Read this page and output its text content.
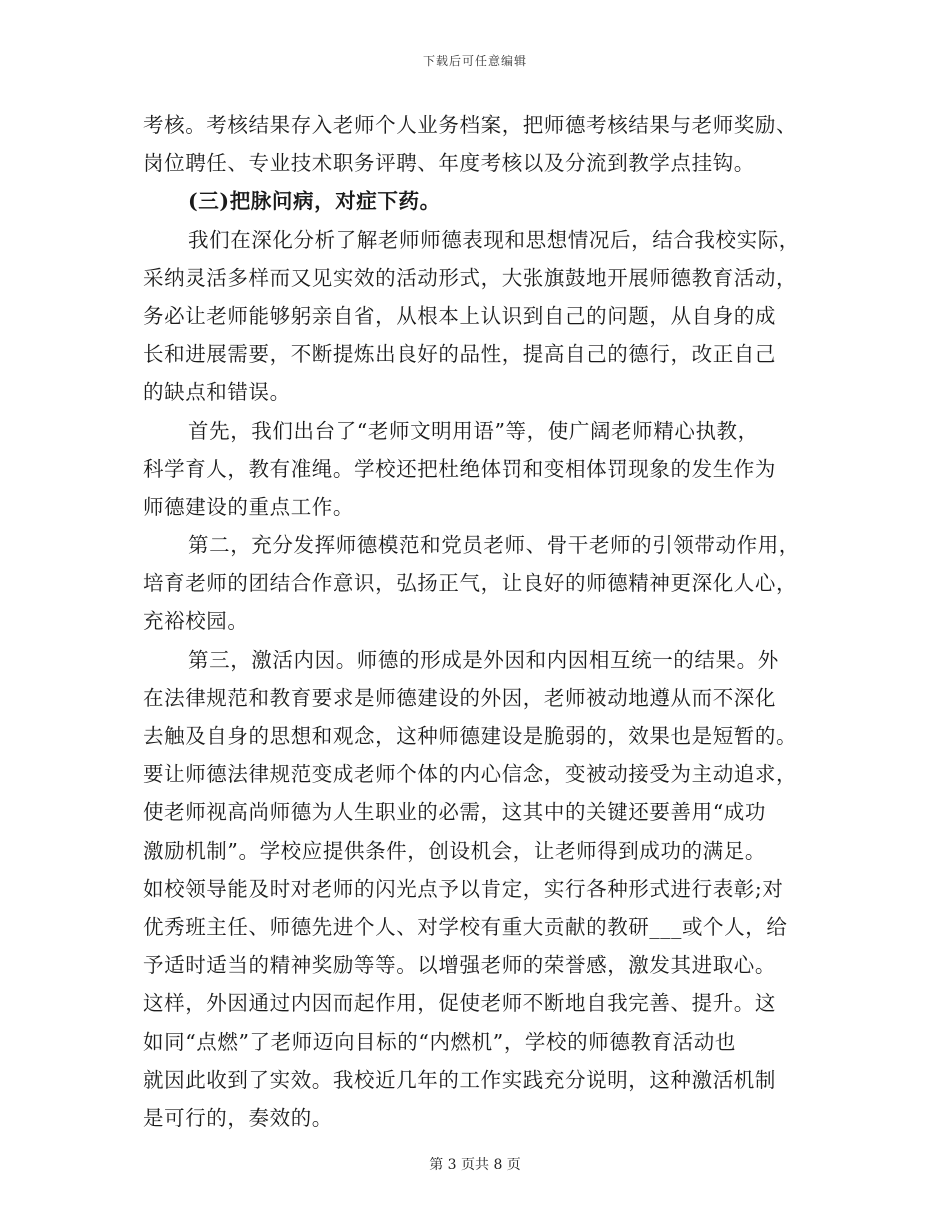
下载后可任意编辑
考核。考核结果存入老师个人业务档案，把师德考核结果与老师奖励、
岗位聘任、专业技术职务评聘、年度考核以及分流到教学点挂钩。
(三)把脉问病，对症下药。
我们在深化分析了解老师师德表现和思想情况后，结合我校实际，
采纳灵活多样而又见实效的活动形式，大张旗鼓地开展师德教育活动，
务必让老师能够躬亲自省，从根本上认识到自己的问题，从自身的成
长和进展需要，不断提炼出良好的品性，提高自己的德行，改正自己
的缺点和错误。
首先，我们出台了“老师文明用语”等，使广阔老师精心执教，
科学育人，教有准绳。学校还把杜绝体罚和变相体罚现象的发生作为
师德建设的重点工作。
第二，充分发挥师德模范和党员老师、骨干老师的引领带动作用，
培育老师的团结合作意识，弘扬正气，让良好的师德精神更深化人心，
充裕校园。
第三，激活内因。师德的形成是外因和内因相互统一的结果。外
在法律规范和教育要求是师德建设的外因，老师被动地遵从而不深化
去触及自身的思想和观念，这种师德建设是脆弱的，效果也是短暂的。
要让师德法律规范变成老师个体的内心信念，变被动接受为主动追求，
使老师视高尚师德为人生职业的必需，这其中的关键还要善用“成功
激励机制”。学校应提供条件，创设机会，让老师得到成功的满足。
如校领导能及时对老师的闪光点予以肯定，实行各种形式进行表彰;对
优秀班主任、师德先进个人、对学校有重大贡献的教研___或个人，给
予适时适当的精神奖励等等。以增强老师的荣誉感，激发其进取心。
这样，外因通过内因而起作用，促使老师不断地自我完善、提升。这
如同“点燃”了老师迈向目标的“内燃机”，学校的师德教育活动也
就因此收到了实效。我校近几年的工作实践充分说明，这种激活机制
是可行的，奏效的。
第 3 页共 8 页
